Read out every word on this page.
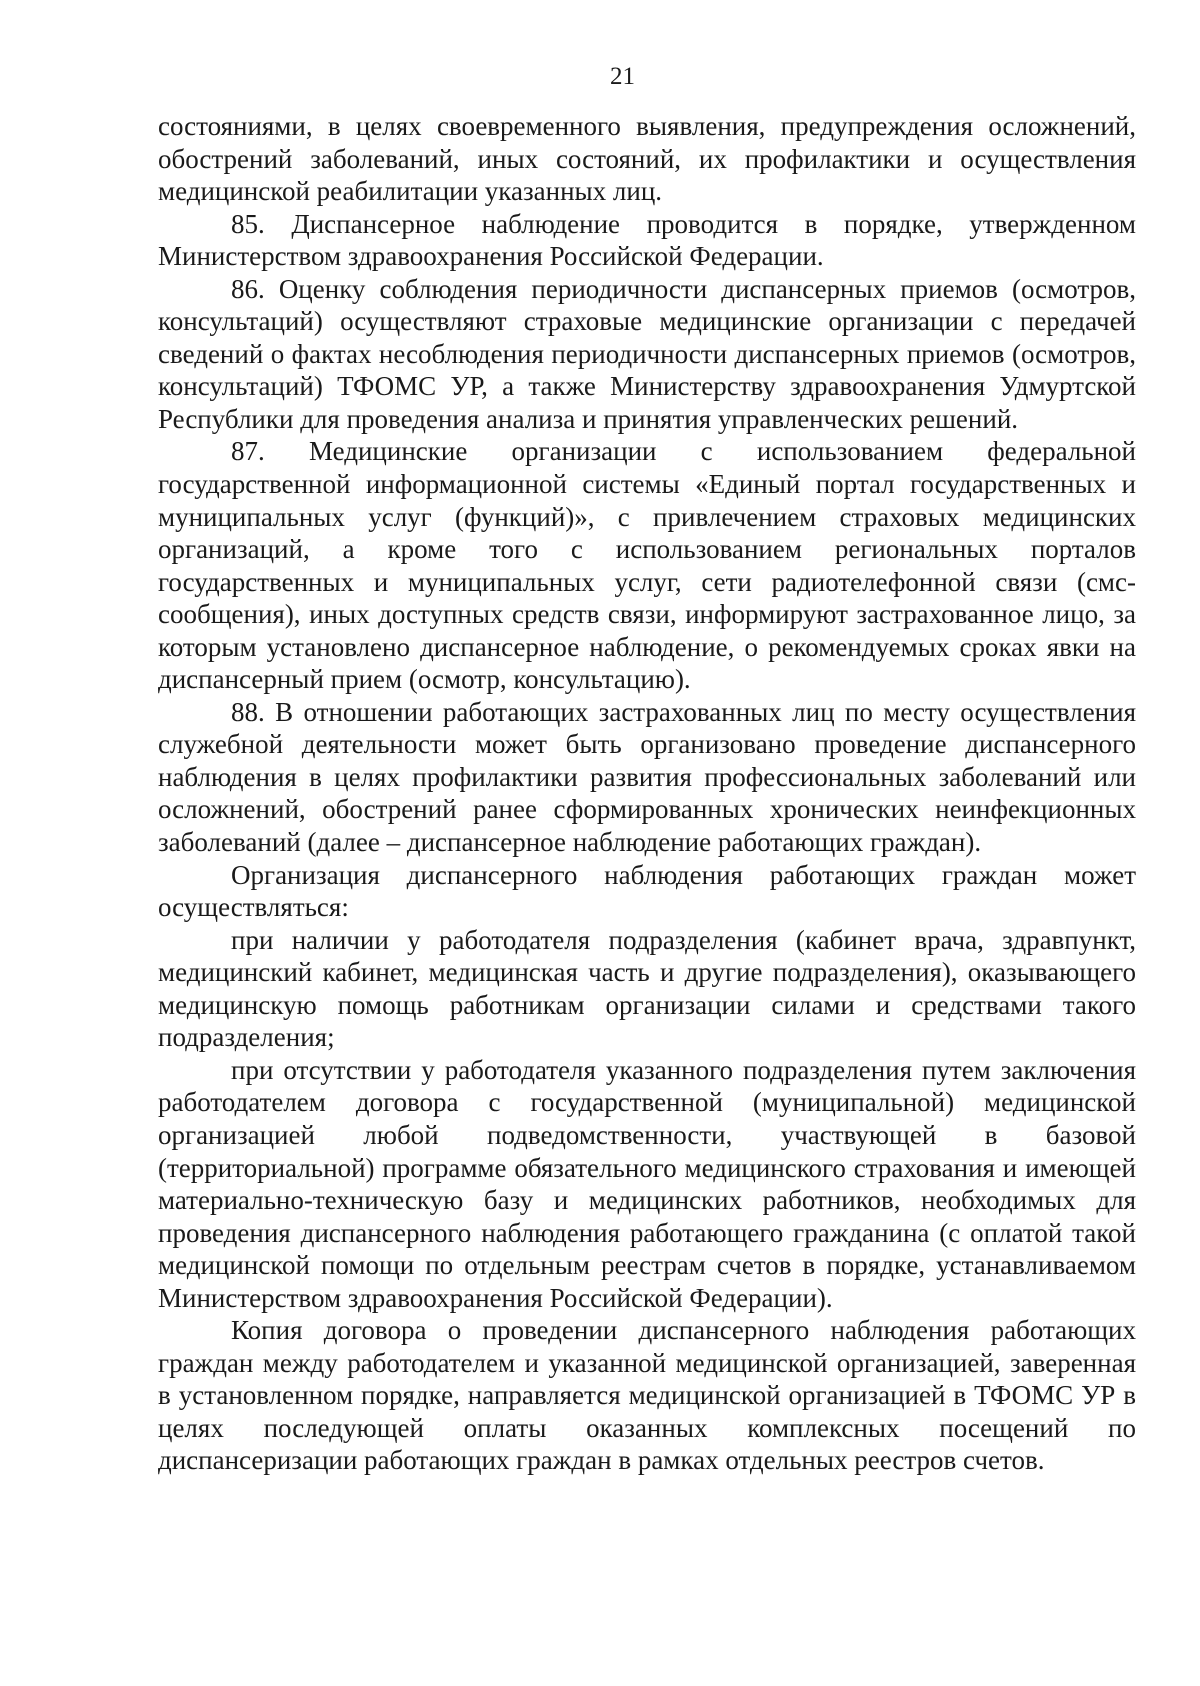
21

состояниями, в целях своевременного выявления, предупреждения осложнений, обострений заболеваний, иных состояний, их профилактики и осуществления медицинской реабилитации указанных лиц.

85. Диспансерное наблюдение проводится в порядке, утвержденном Министерством здравоохранения Российской Федерации.

86. Оценку соблюдения периодичности диспансерных приемов (осмотров, консультаций) осуществляют страховые медицинские организации с передачей сведений о фактах несоблюдения периодичности диспансерных приемов (осмотров, консультаций) ТФОМС УР, а также Министерству здравоохранения Удмуртской Республики для проведения анализа и принятия управленческих решений.

87. Медицинские организации с использованием федеральной государственной информационной системы «Единый портал государственных и муниципальных услуг (функций)», с привлечением страховых медицинских организаций, а кроме того с использованием региональных порталов государственных и муниципальных услуг, сети радиотелефонной связи (смс-сообщения), иных доступных средств связи, информируют застрахованное лицо, за которым установлено диспансерное наблюдение, о рекомендуемых сроках явки на диспансерный прием (осмотр, консультацию).

88. В отношении работающих застрахованных лиц по месту осуществления служебной деятельности может быть организовано проведение диспансерного наблюдения в целях профилактики развития профессиональных заболеваний или осложнений, обострений ранее сформированных хронических неинфекционных заболеваний (далее – диспансерное наблюдение работающих граждан).

Организация диспансерного наблюдения работающих граждан может осуществляться:

при наличии у работодателя подразделения (кабинет врача, здравпункт, медицинский кабинет, медицинская часть и другие подразделения), оказывающего медицинскую помощь работникам организации силами и средствами такого подразделения;

при отсутствии у работодателя указанного подразделения путем заключения работодателем договора с государственной (муниципальной) медицинской организацией любой подведомственности, участвующей в базовой (территориальной) программе обязательного медицинского страхования и имеющей материально-техническую базу и медицинских работников, необходимых для проведения диспансерного наблюдения работающего гражданина (с оплатой такой медицинской помощи по отдельным реестрам счетов в порядке, устанавливаемом Министерством здравоохранения Российской Федерации).

Копия договора о проведении диспансерного наблюдения работающих граждан между работодателем и указанной медицинской организацией, заверенная в установленном порядке, направляется медицинской организацией в ТФОМС УР в целях последующей оплаты оказанных комплексных посещений по диспансеризации работающих граждан в рамках отдельных реестров счетов.
